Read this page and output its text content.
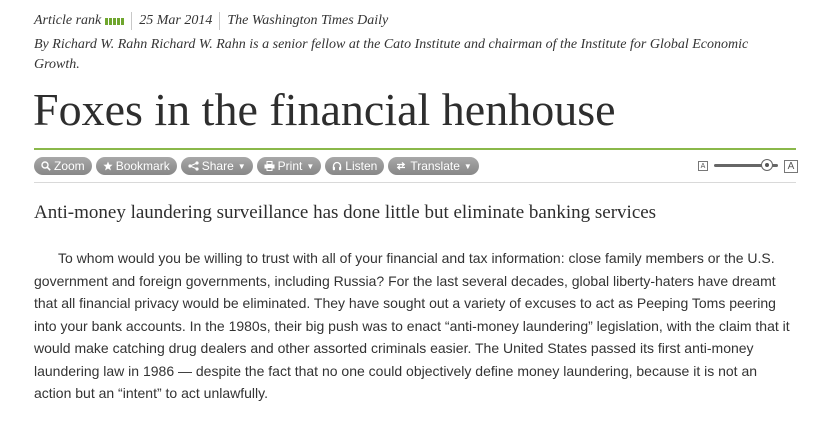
Article rank	25 Mar 2014 The Washington Times Daily
By Richard W. Rahn Richard W. Rahn is a senior fellow at the Cato Institute and chairman of the Institute for Global Economic Growth.
Foxes in the financial henhouse
Zoom	Bookmark	Share ▼	Print ▼	Listen	Translate ▼	A	A
Anti-money laundering surveillance has done little but eliminate banking services

To whom would you be willing to trust with all of your financial and tax information: close family members or the U.S. government and foreign governments, including Russia? For the last several decades, global liberty-haters have dreamt that all financial privacy would be eliminated. They have sought out a variety of excuses to act as Peeping Toms peering into your bank accounts. In the 1980s, their big push was to enact “anti-money laundering” legislation, with the claim that it would make catching drug dealers and other assorted criminals easier. The United States passed its first anti-money laundering law in 1986 — despite the fact that no one could objectively define money laundering, because it is not an action but an “intent” to act unlawfully.
